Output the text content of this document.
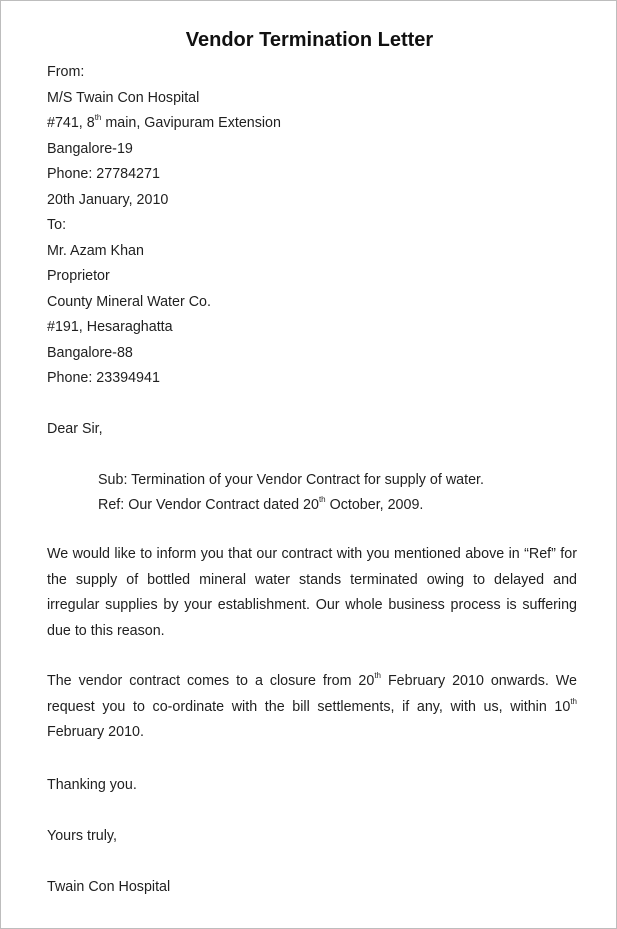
Vendor Termination Letter
From:
M/S Twain Con Hospital
#741, 8th main, Gavipuram Extension
Bangalore-19
Phone: 27784271
20th January, 2010
To:
Mr. Azam Khan
Proprietor
County Mineral Water Co.
#191, Hesaraghatta
Bangalore-88
Phone: 23394941
Dear Sir,
Sub: Termination of your Vendor Contract for supply of water.
Ref: Our Vendor Contract dated 20th October, 2009.
We would like to inform you that our contract with you mentioned above in “Ref” for the supply of bottled mineral water stands terminated owing to delayed and irregular supplies by your establishment. Our whole business process is suffering due to this reason.
The vendor contract comes to a closure from 20th February 2010 onwards. We request you to co-ordinate with the bill settlements, if any, with us, within 10th February 2010.
Thanking you.
Yours truly,
Twain Con Hospital
